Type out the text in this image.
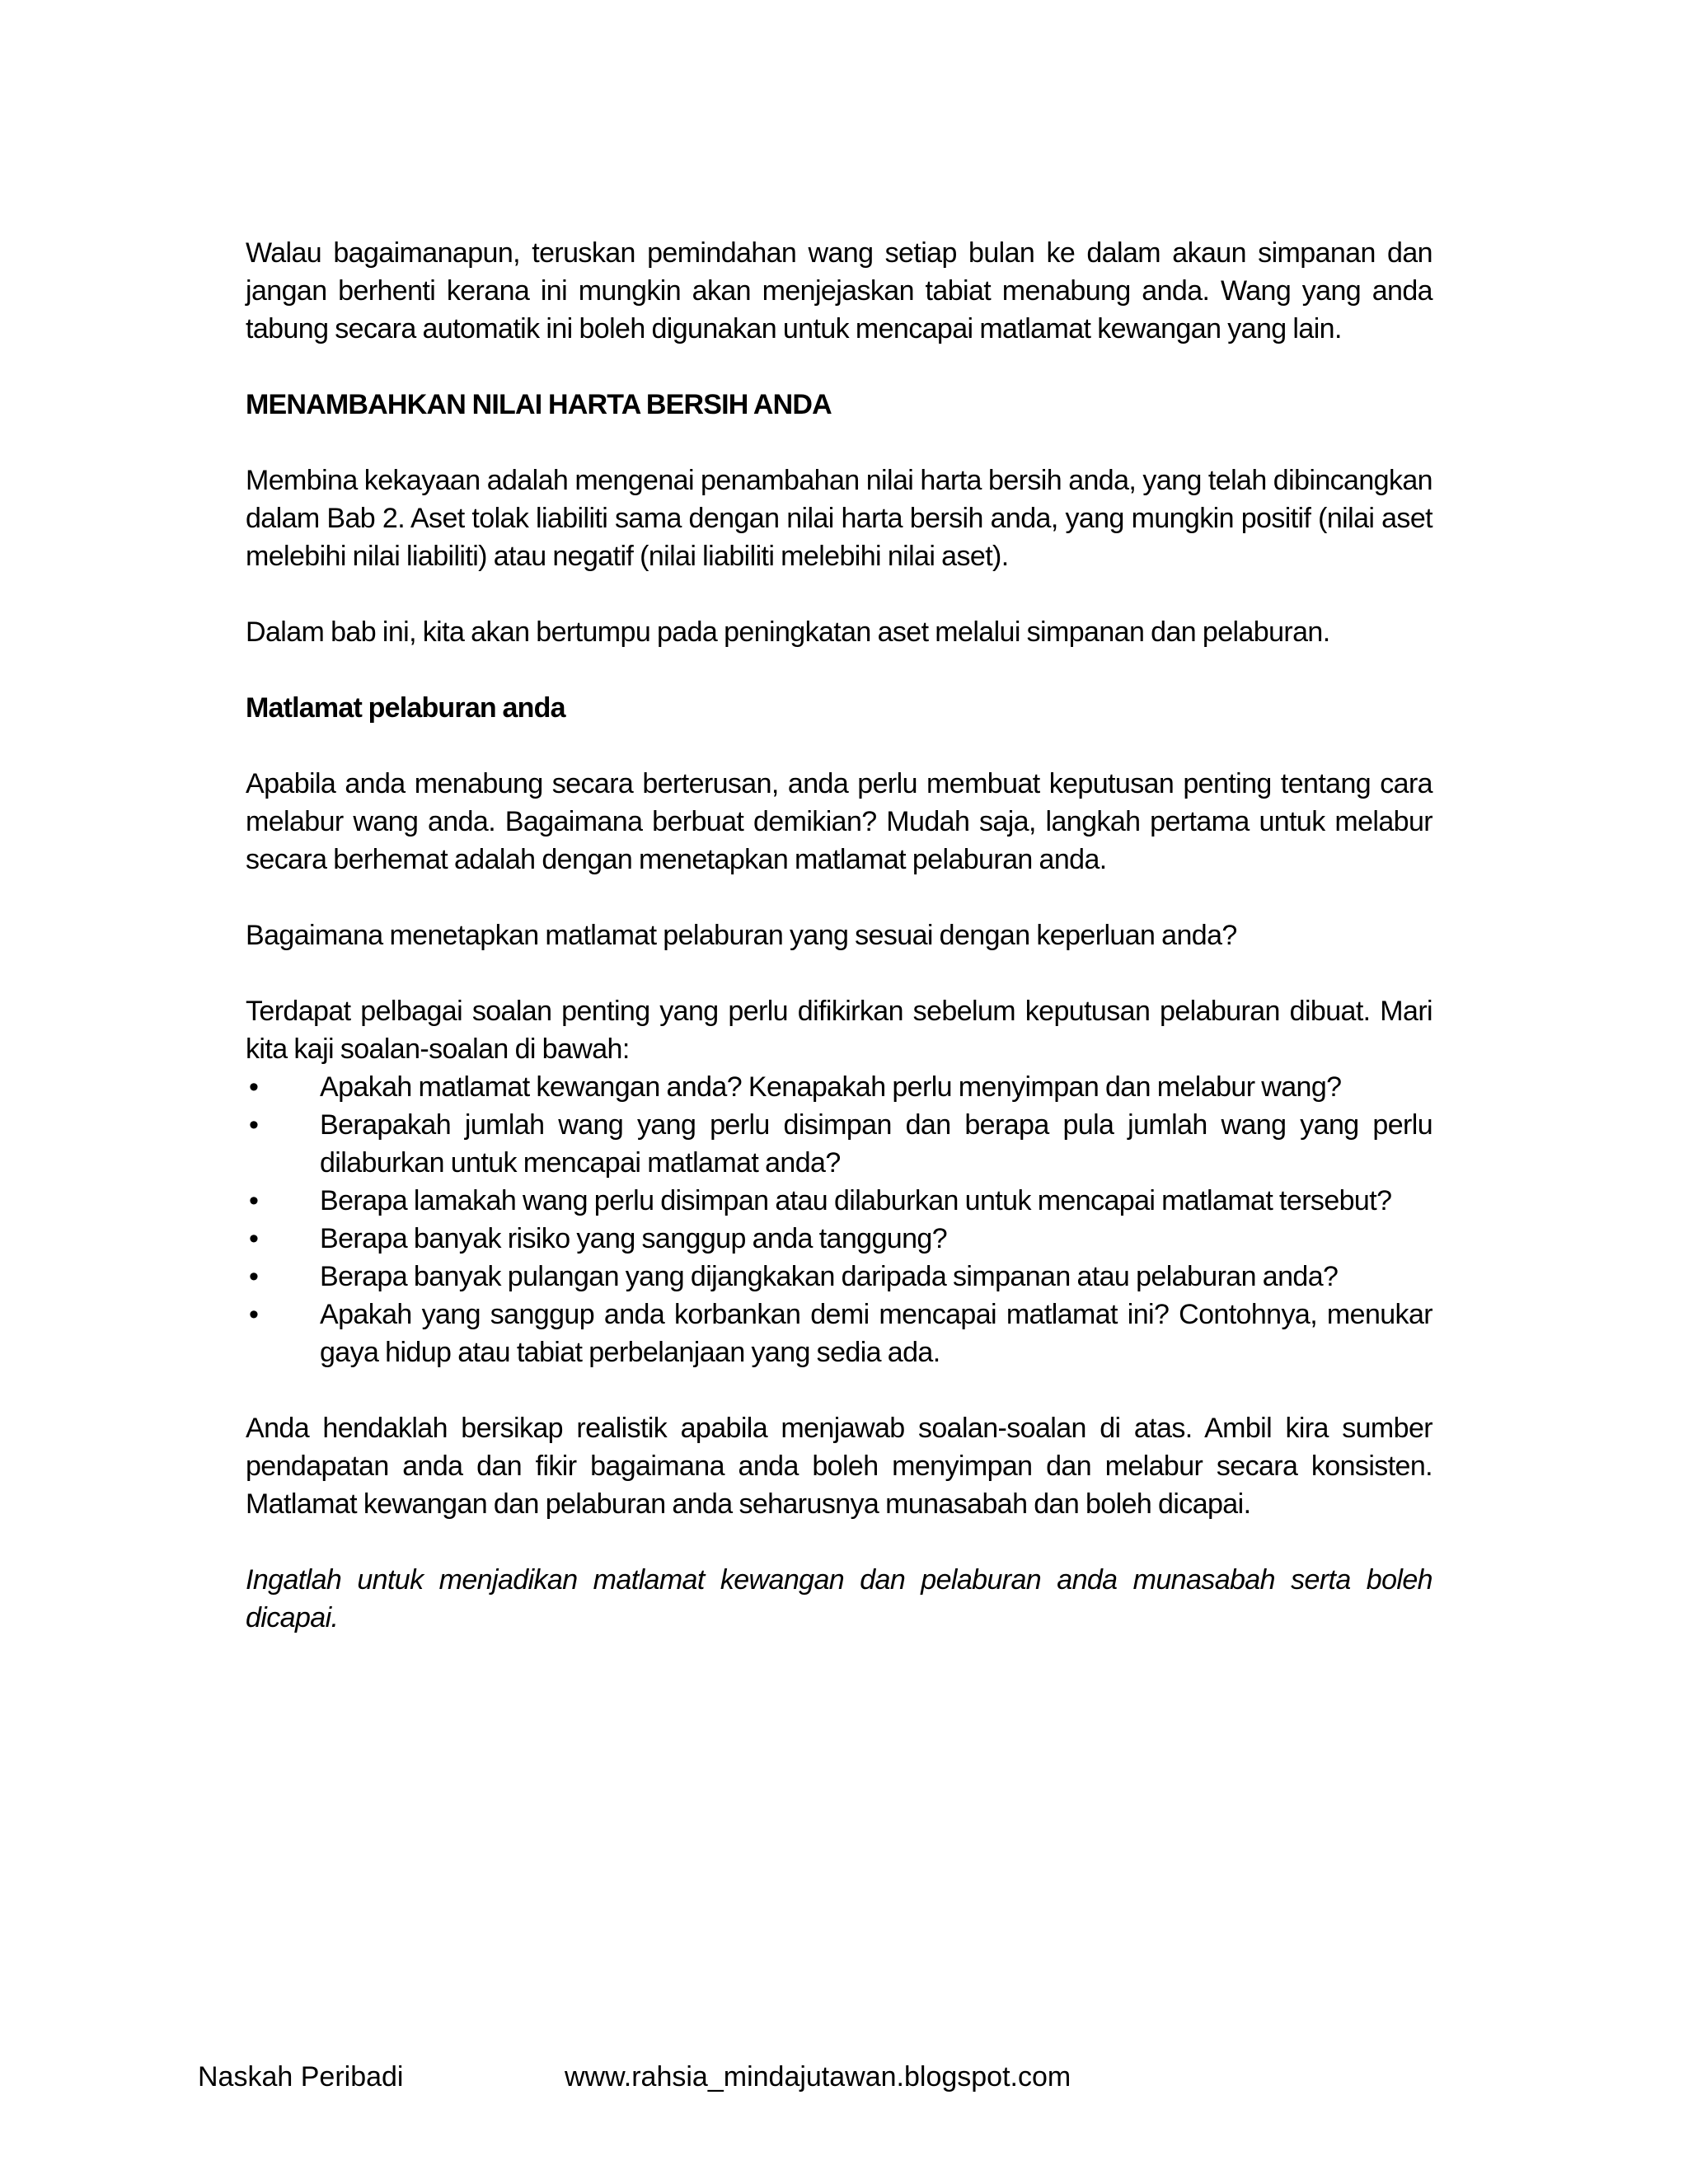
Walau bagaimanapun, teruskan pemindahan wang setiap bulan ke dalam akaun simpanan dan jangan berhenti kerana ini mungkin akan menjejaskan tabiat menabung anda. Wang yang anda tabung secara automatik ini boleh digunakan untuk mencapai matlamat kewangan yang lain.

MENAMBAHKAN NILAI HARTA BERSIH ANDA

Membina kekayaan adalah mengenai penambahan nilai harta bersih anda, yang telah dibincangkan dalam Bab 2. Aset tolak liabiliti sama dengan nilai harta bersih anda, yang mungkin positif (nilai aset melebihi nilai liabiliti) atau negatif (nilai liabiliti melebihi nilai aset).

Dalam bab ini, kita akan bertumpu pada peningkatan aset melalui simpanan dan pelaburan.

Matlamat pelaburan anda

Apabila anda menabung secara berterusan, anda perlu membuat keputusan penting tentang cara melabur wang anda. Bagaimana berbuat demikian? Mudah saja, langkah pertama untuk melabur secara berhemat adalah dengan menetapkan matlamat pelaburan anda.

Bagaimana menetapkan matlamat pelaburan yang sesuai dengan keperluan anda?

Terdapat pelbagai soalan penting yang perlu difikirkan sebelum keputusan pelaburan dibuat. Mari kita kaji soalan-soalan di bawah:

•	Apakah matlamat kewangan anda? Kenapakah perlu menyimpan dan melabur wang?
•	Berapakah jumlah wang yang perlu disimpan dan berapa pula jumlah wang yang perlu dilaburkan untuk mencapai matlamat anda?
•	Berapa lamakah wang perlu disimpan atau dilaburkan untuk mencapai matlamat tersebut?
•	Berapa banyak risiko yang sanggup anda tanggung?
•	Berapa banyak pulangan yang dijangkakan daripada simpanan atau pelaburan anda?
•	Apakah yang sanggup anda korbankan demi mencapai matlamat ini? Contohnya, menukar gaya hidup atau tabiat perbelanjaan yang sedia ada.

Anda hendaklah bersikap realistik apabila menjawab soalan-soalan di atas. Ambil kira sumber pendapatan anda dan fikir bagaimana anda boleh menyimpan dan melabur secara konsisten. Matlamat kewangan dan pelaburan anda seharusnya munasabah dan boleh dicapai.

Ingatlah untuk menjadikan matlamat kewangan dan pelaburan anda munasabah serta boleh dicapai.

Naskah Peribadi	www.rahsia_mindajutawan.blogspot.com
